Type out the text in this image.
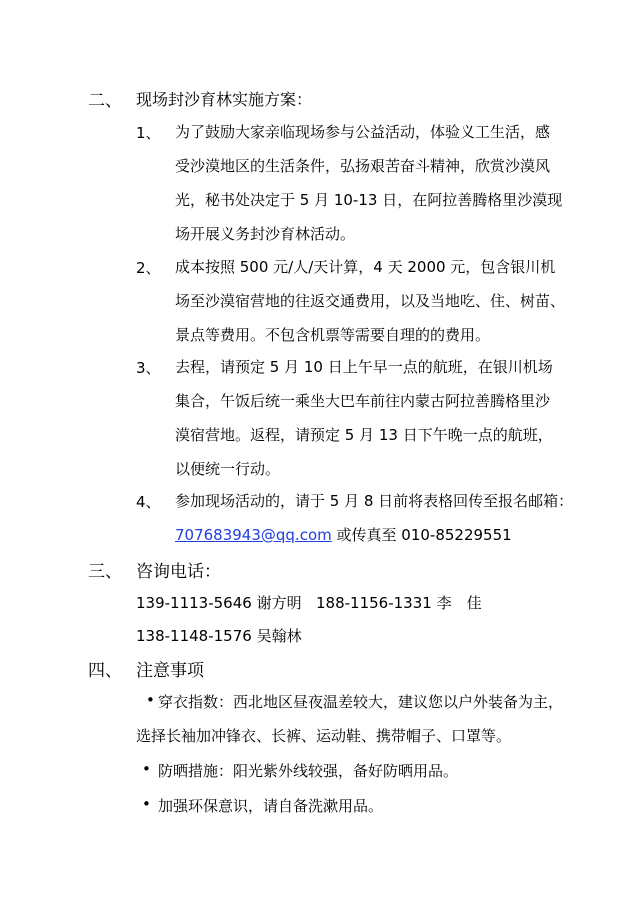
二、 现场封沙育林实施方案：
1、 为了鼓励大家亲临现场参与公益活动，体验义工生活，感
受沙漠地区的生活条件，弘扬艰苦奋斗精神，欣赏沙漠风
光，秘书处决定于 5 月 10-13 日，在阿拉善腾格里沙漠现
场开展义务封沙育林活动。
2、 成本按照 500 元/人/天计算，4 天 2000 元，包含银川机
场至沙漠宿营地的往返交通费用，以及当地吃、住、树苗、
景点等费用。不包含机票等需要自理的的费用。
3、 去程，请预定 5 月 10 日上午早一点的航班，在银川机场
集合，午饭后统一乘坐大巴车前往内蒙古阿拉善腾格里沙
漠宿营地。返程，请预定 5 月 13 日下午晚一点的航班，
以便统一行动。
4、 参加现场活动的，请于 5 月 8 日前将表格回传至报名邮箱：
707683943@qq.com 或传真至 010-85229551
三、 咨询电话：
139-1113-5646 谢方明 188-1156-1331 李　佳
138-1148-1576 吴翰林
四、 注意事项
• 穿衣指数：西北地区昼夜温差较大，建议您以户外装备为主，
选择长袖加冲锋衣、长裤、运动鞋、携带帽子、口罩等。
• 防晒措施：阳光紫外线较强，备好防晒用品。
• 加强环保意识，请自备洗漱用品。
